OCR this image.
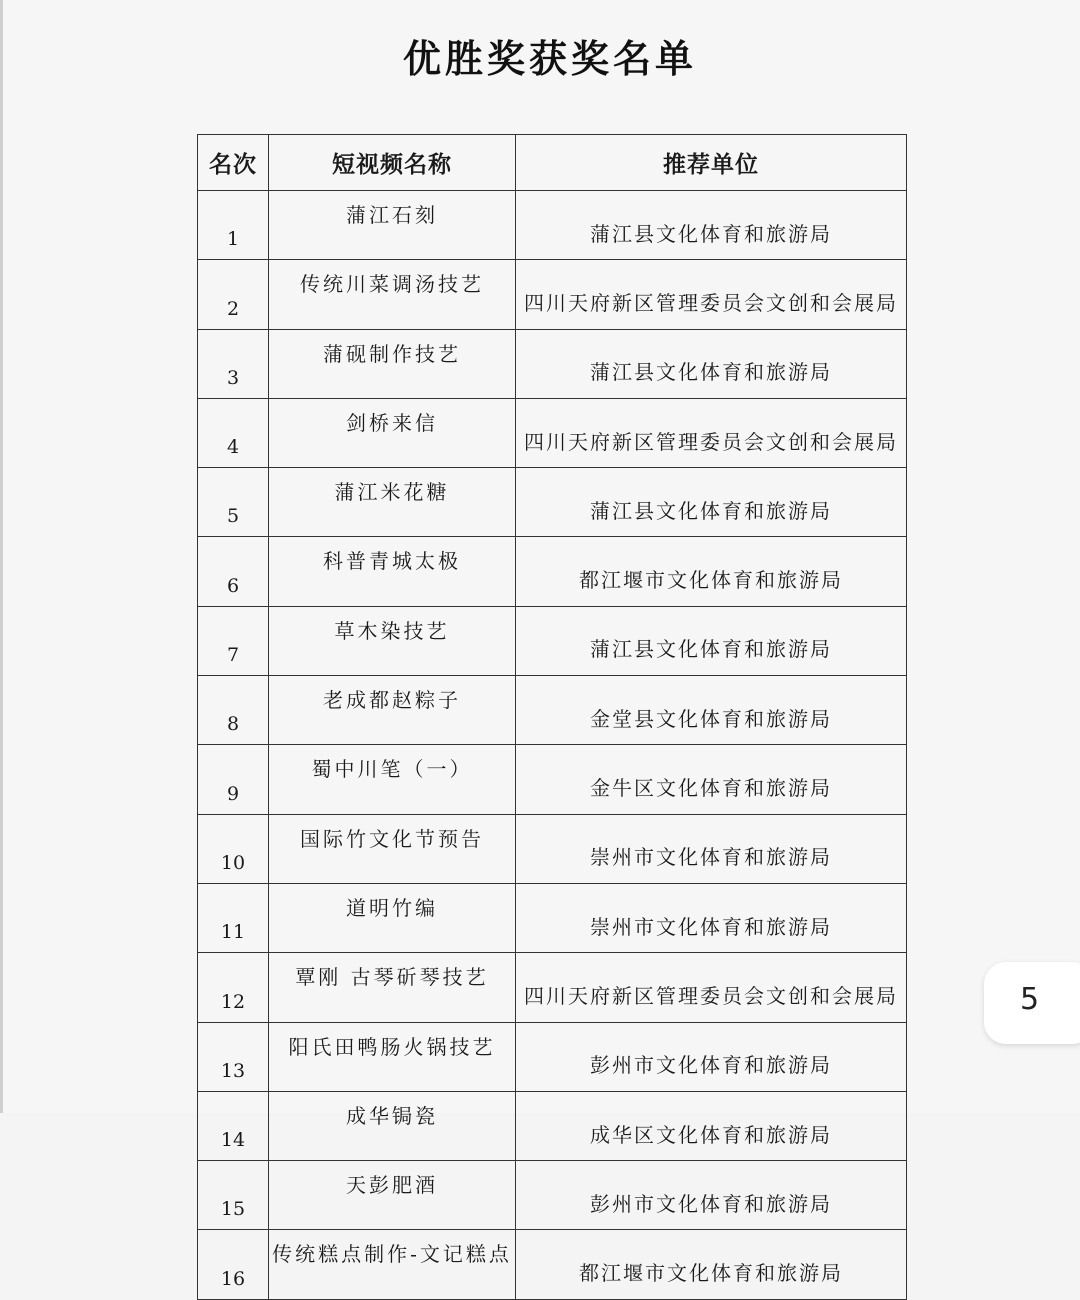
优胜奖获奖名单
名次	短视频名称	推荐单位
1	蒲江石刻	蒲江县文化体育和旅游局
2	传统川菜调汤技艺	四川天府新区管理委员会文创和会展局
3	蒲砚制作技艺	蒲江县文化体育和旅游局
4	剑桥来信	四川天府新区管理委员会文创和会展局
5	蒲江米花糖	蒲江县文化体育和旅游局
6	科普青城太极	都江堰市文化体育和旅游局
7	草木染技艺	蒲江县文化体育和旅游局
8	老成都赵粽子	金堂县文化体育和旅游局
9	蜀中川笔（一）	金牛区文化体育和旅游局
10	国际竹文化节预告	崇州市文化体育和旅游局
11	道明竹编	崇州市文化体育和旅游局
12	覃刚 古琴斫琴技艺	四川天府新区管理委员会文创和会展局
13	阳氏田鸭肠火锅技艺	彭州市文化体育和旅游局
14	成华锔瓷	成华区文化体育和旅游局
15	天彭肥酒	彭州市文化体育和旅游局
16	传统糕点制作-文记糕点	都江堰市文化体育和旅游局
5
